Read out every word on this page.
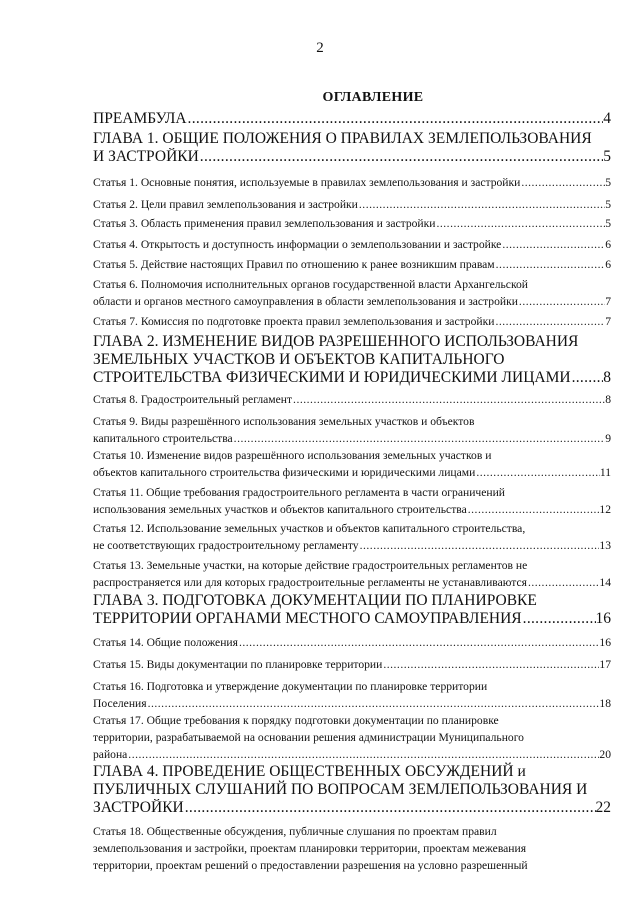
2
ОГЛАВЛЕНИЕ
ПРЕАМБУЛА .....	4
ГЛАВА 1. ОБЩИЕ ПОЛОЖЕНИЯ О ПРАВИЛАХ ЗЕМЛЕПОЛЬЗОВАНИЯ
И ЗАСТРОЙКИ .....	5
Статья 1. Основные понятия, используемые в правилах землепользования и застройки .....	5
Статья 2. Цели правил землепользования и застройки .....	5
Статья 3. Область применения правил землепользования и застройки .....	5
Статья 4. Открытость и доступность информации о землепользовании и застройке .....	6
Статья 5. Действие настоящих Правил по отношению к ранее возникшим правам .....	6
Статья 6. Полномочия исполнительных органов государственной власти Архангельской
области и органов местного самоуправления в области землепользования и застройки .....	7
Статья 7. Комиссия по подготовке проекта правил землепользования и застройки .....	7
ГЛАВА 2. ИЗМЕНЕНИЕ ВИДОВ РАЗРЕШЕННОГО ИСПОЛЬЗОВАНИЯ
ЗЕМЕЛЬНЫХ УЧАСТКОВ И ОБЪЕКТОВ КАПИТАЛЬНОГО
СТРОИТЕЛЬСТВА ФИЗИЧЕСКИМИ И ЮРИДИЧЕСКИМИ ЛИЦАМИ ..... 8
Статья 8. Градостроительный регламент .....	8
Статья 9. Виды разрешённого использования земельных участков и объектов
капитального строительства .....	9
Статья 10. Изменение видов разрешённого использования земельных участков и
объектов капитального строительства физическими и юридическими лицами .....	11
Статья 11. Общие требования градостроительного регламента в части ограничений
использования земельных участков и объектов капитального строительства .....	12
Статья 12. Использование земельных участков и объектов капитального строительства,
не соответствующих градостроительному регламенту .....	13
Статья 13. Земельные участки, на которые действие градостроительных регламентов не
распространяется или для которых градостроительные регламенты не устанавливаются .....	14
ГЛАВА 3. ПОДГОТОВКА ДОКУМЕНТАЦИИ ПО ПЛАНИРОВКЕ
ТЕРРИТОРИИ ОРГАНАМИ МЕСТНОГО САМОУПРАВЛЕНИЯ .....	16
Статья 14. Общие положения .....	16
Статья 15. Виды документации по планировке территории .....	17
Статья 16. Подготовка и утверждение документации по планировке территории
Поселения .....	18
Статья 17. Общие требования к порядку подготовки документации по планировке
территории, разрабатываемой на основании решения администрации Муниципального
района .....	20
ГЛАВА 4. ПРОВЕДЕНИЕ ОБЩЕСТВЕННЫХ ОБСУЖДЕНИЙ и
ПУБЛИЧНЫХ СЛУШАНИЙ ПО ВОПРОСАМ ЗЕМЛЕПОЛЬЗОВАНИЯ И
ЗАСТРОЙКИ .....	22
Статья 18. Общественные обсуждения, публичные слушания по проектам правил
землепользования и застройки, проектам планировки территории, проектам межевания
территории, проектам решений о предоставлении разрешения на условно разрешенный
